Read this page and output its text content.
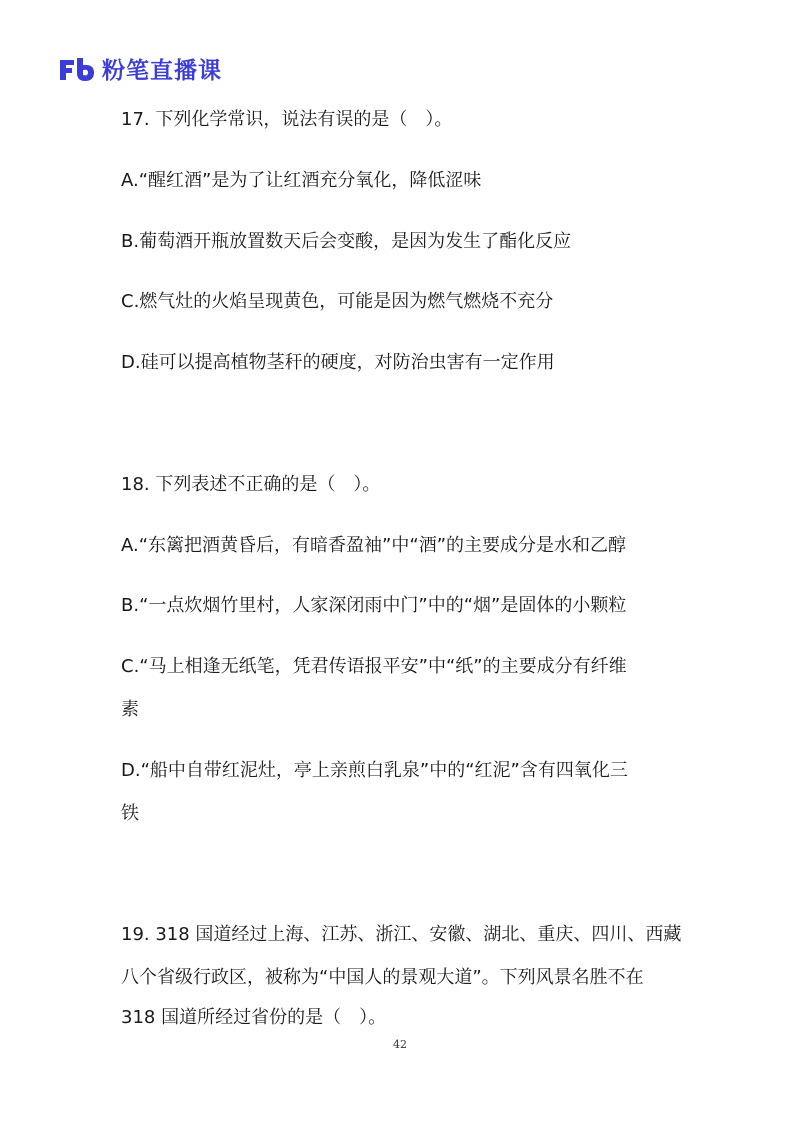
粉笔直播课
17. 下列化学常识，说法有误的是（　）。
A.“醒红酒”是为了让红酒充分氧化，降低涩味
B.葡萄酒开瓶放置数天后会变酸，是因为发生了酯化反应
C.燃气灶的火焰呈现黄色，可能是因为燃气燃烧不充分
D.硅可以提高植物茎秆的硬度，对防治虫害有一定作用
18. 下列表述不正确的是（　）。
A.“东篱把酒黄昏后，有暗香盈袖”中“酒”的主要成分是水和乙醇
B.“一点炊烟竹里村，人家深闭雨中门”中的“烟”是固体的小颗粒
C.“马上相逢无纸笔，凭君传语报平安”中“纸”的主要成分有纤维
素
D.“船中自带红泥灶，亭上亲煎白乳泉”中的“红泥”含有四氧化三
铁
19. 318 国道经过上海、江苏、浙江、安徽、湖北、重庆、四川、西藏
八个省级行政区，被称为“中国人的景观大道”。下列风景名胜不在
318 国道所经过省份的是（　）。
42
